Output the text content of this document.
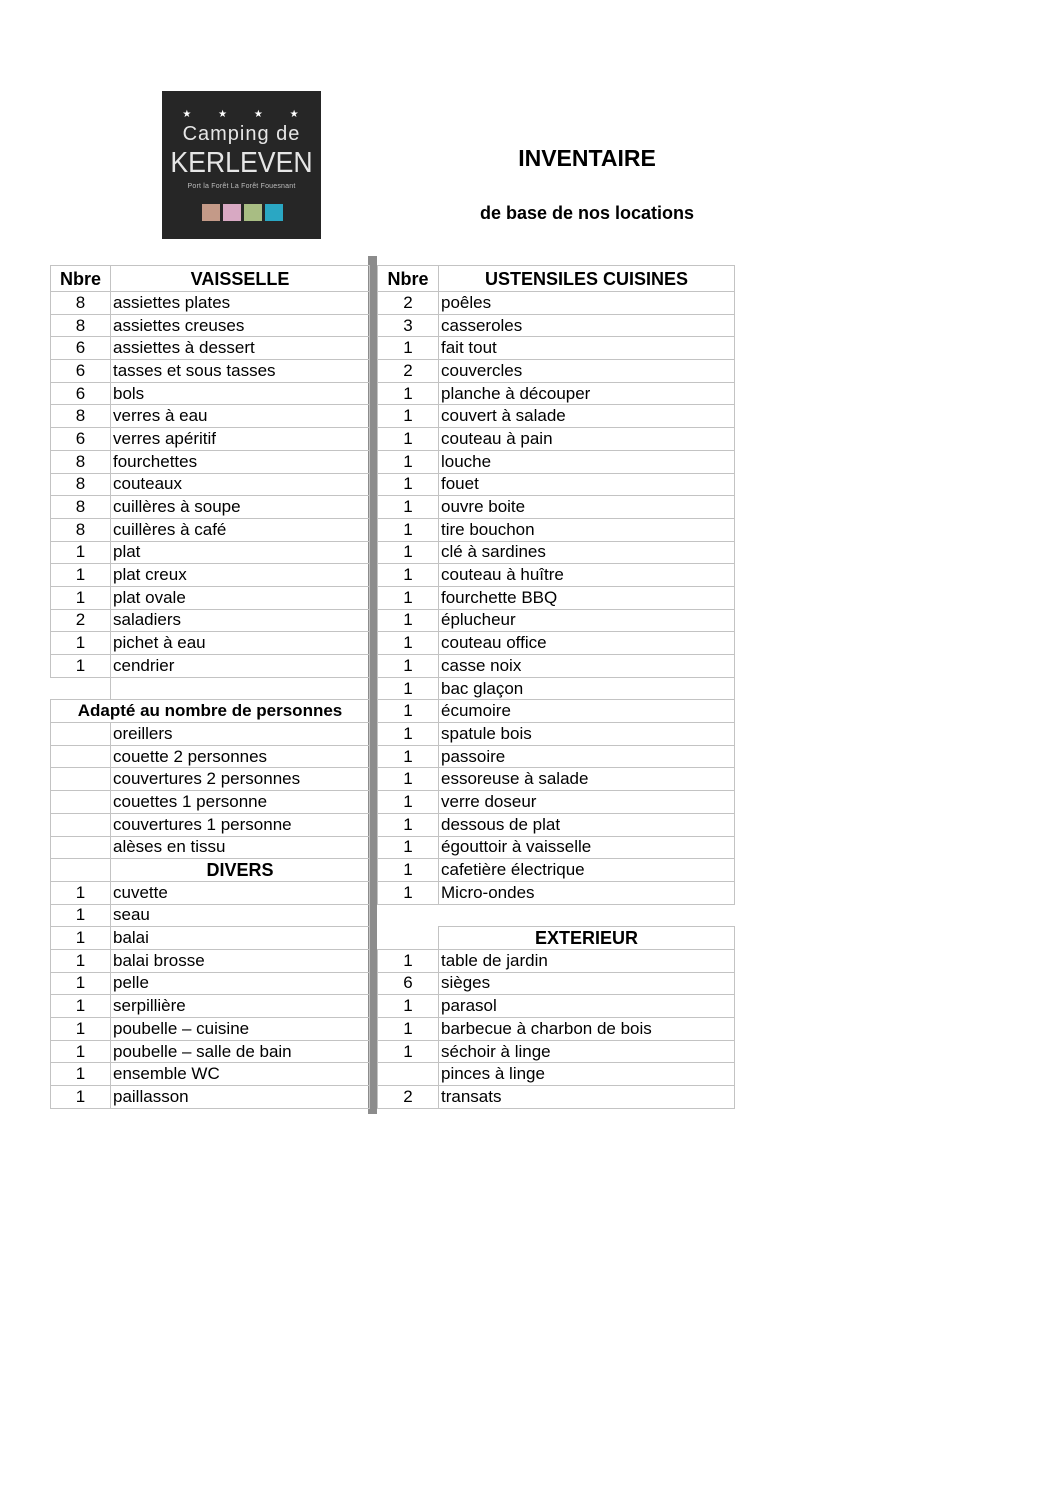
★ ★ ★ ★
Camping de
KERLEVEN
Port la Forêt La Forêt Fouesnant
INVENTAIRE
de base de nos locations
Nbre	VAISSELLE
8	assiettes plates
8	assiettes creuses
6	assiettes à dessert
6	tasses et sous tasses
6	bols
8	verres à eau
6	verres apéritif
8	fourchettes
8	couteaux
8	cuillères à soupe
8	cuillères à café
1	plat
1	plat creux
1	plat ovale
2	saladiers
1	pichet à eau
1	cendrier

Adapté au nombre de personnes	
	oreillers
	couette 2 personnes
	couvertures 2 personnes
	couettes 1 personne
	couvertures 1 personne
	alèses en tissu
	DIVERS
1	cuvette
1	seau
1	balai
1	balai brosse
1	pelle
1	serpillière
1	poubelle – cuisine
1	poubelle – salle de bain
1	ensemble WC
1	paillasson
Nbre	USTENSILES CUISINES
2	poêles
3	casseroles
1	fait tout
2	couvercles
1	planche à découper
1	couvert à salade
1	couteau à pain
1	louche
1	fouet
1	ouvre boite
1	tire bouchon
1	clé à sardines
1	couteau à huître
1	fourchette BBQ
1	éplucheur
1	couteau office
1	casse noix
1	bac glaçon
1	écumoire
1	spatule bois
1	passoire
1	essoreuse à salade
1	verre doseur
1	dessous de plat
1	égouttoir à vaisselle
1	cafetière électrique
1	Micro-ondes

	EXTERIEUR
1	table de jardin
6	sièges
1	parasol
1	barbecue à charbon de bois
1	séchoir à linge
	pinces à linge
2	transats
